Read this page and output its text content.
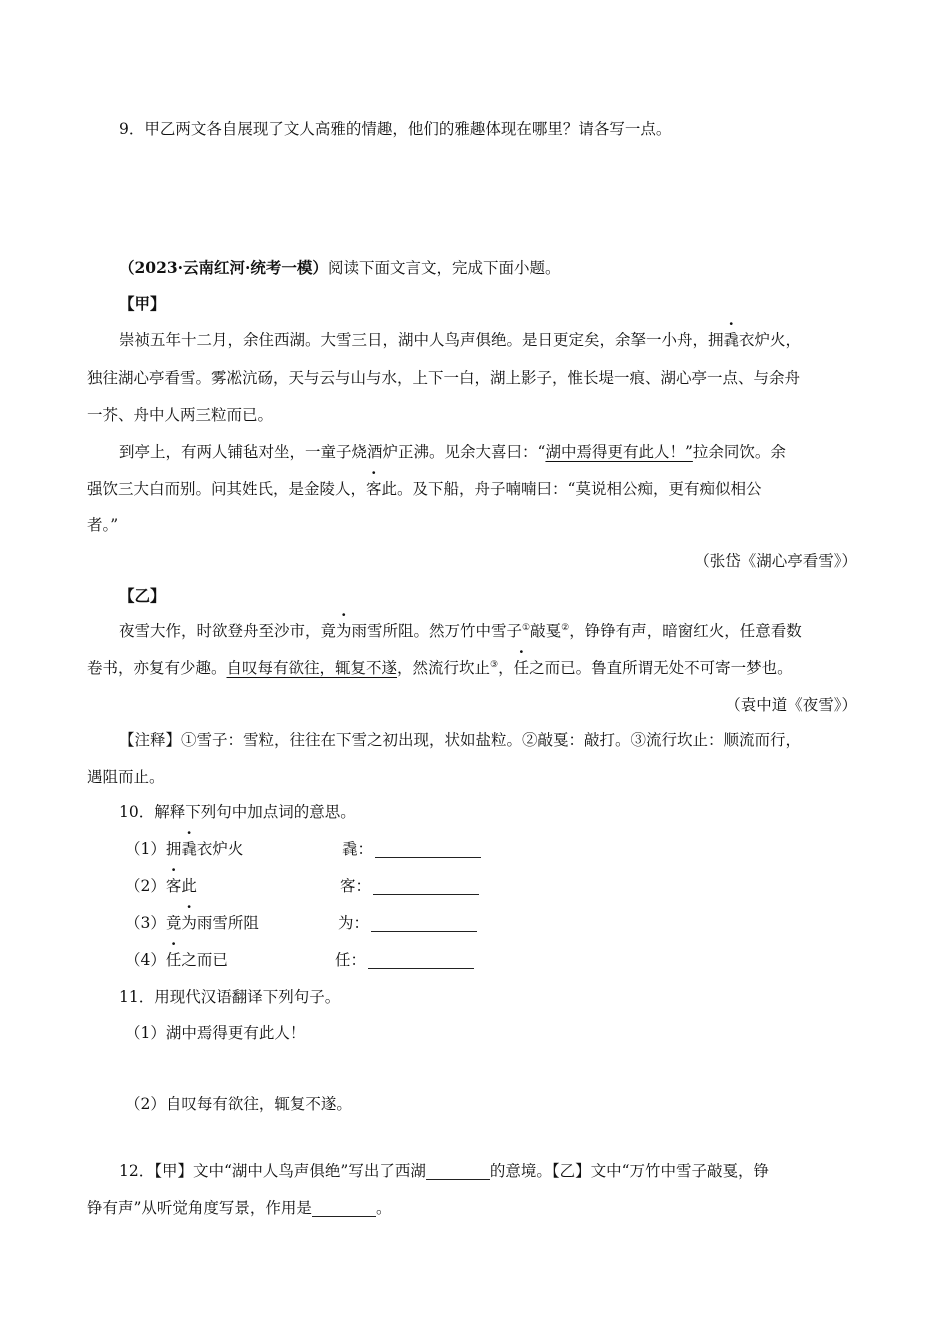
9．甲乙两文各自展现了文人高雅的情趣，他们的雅趣体现在哪里？请各写一点。
（2023·云南红河·统考一模）阅读下面文言文，完成下面小题。
【甲】
崇祯五年十二月，余住西湖。大雪三日，湖中人鸟声俱绝。是日更定矣，余拏一小舟，拥毳衣炉火，
独往湖心亭看雪。雾凇沆砀，天与云与山与水，上下一白，湖上影子，惟长堤一痕、湖心亭一点、与余舟
一芥、舟中人两三粒而已。
到亭上，有两人铺毡对坐，一童子烧酒炉正沸。见余大喜曰：“湖中焉得更有此人！”拉余同饮。余
强饮三大白而别。问其姓氏，是金陵人，客此。及下船，舟子喃喃曰：“莫说相公痴，更有痴似相公
者。”
（张岱《湖心亭看雪》）
【乙】
夜雪大作，时欲登舟至沙市，竟为雨雪所阻。然万竹中雪子①敲戛②，铮铮有声，暗窗红火，任意看数
卷书，亦复有少趣。自叹每有欲往，辄复不遂，然流行坎止③，任之而已。鲁直所谓无处不可寄一梦也。
（袁中道《夜雪》）
【注释】①雪子：雪粒，往往在下雪之初出现，状如盐粒。②敲戛：敲打。③流行坎止：顺流而行，
遇阻而止。
10．解释下列句中加点词的意思。
（1）拥毳衣炉火	毳：
（2）客此	客：
（3）竟为雨雪所阻	为：
（4）任之而已	任：
11．用现代汉语翻译下列句子。
（1）湖中焉得更有此人！
（2）自叹每有欲往，辄复不遂。
12．【甲】文中“湖中人鸟声俱绝”写出了西湖	的意境。【乙】文中“万竹中雪子敲戛，铮
铮有声”从听觉角度写景，作用是	。
